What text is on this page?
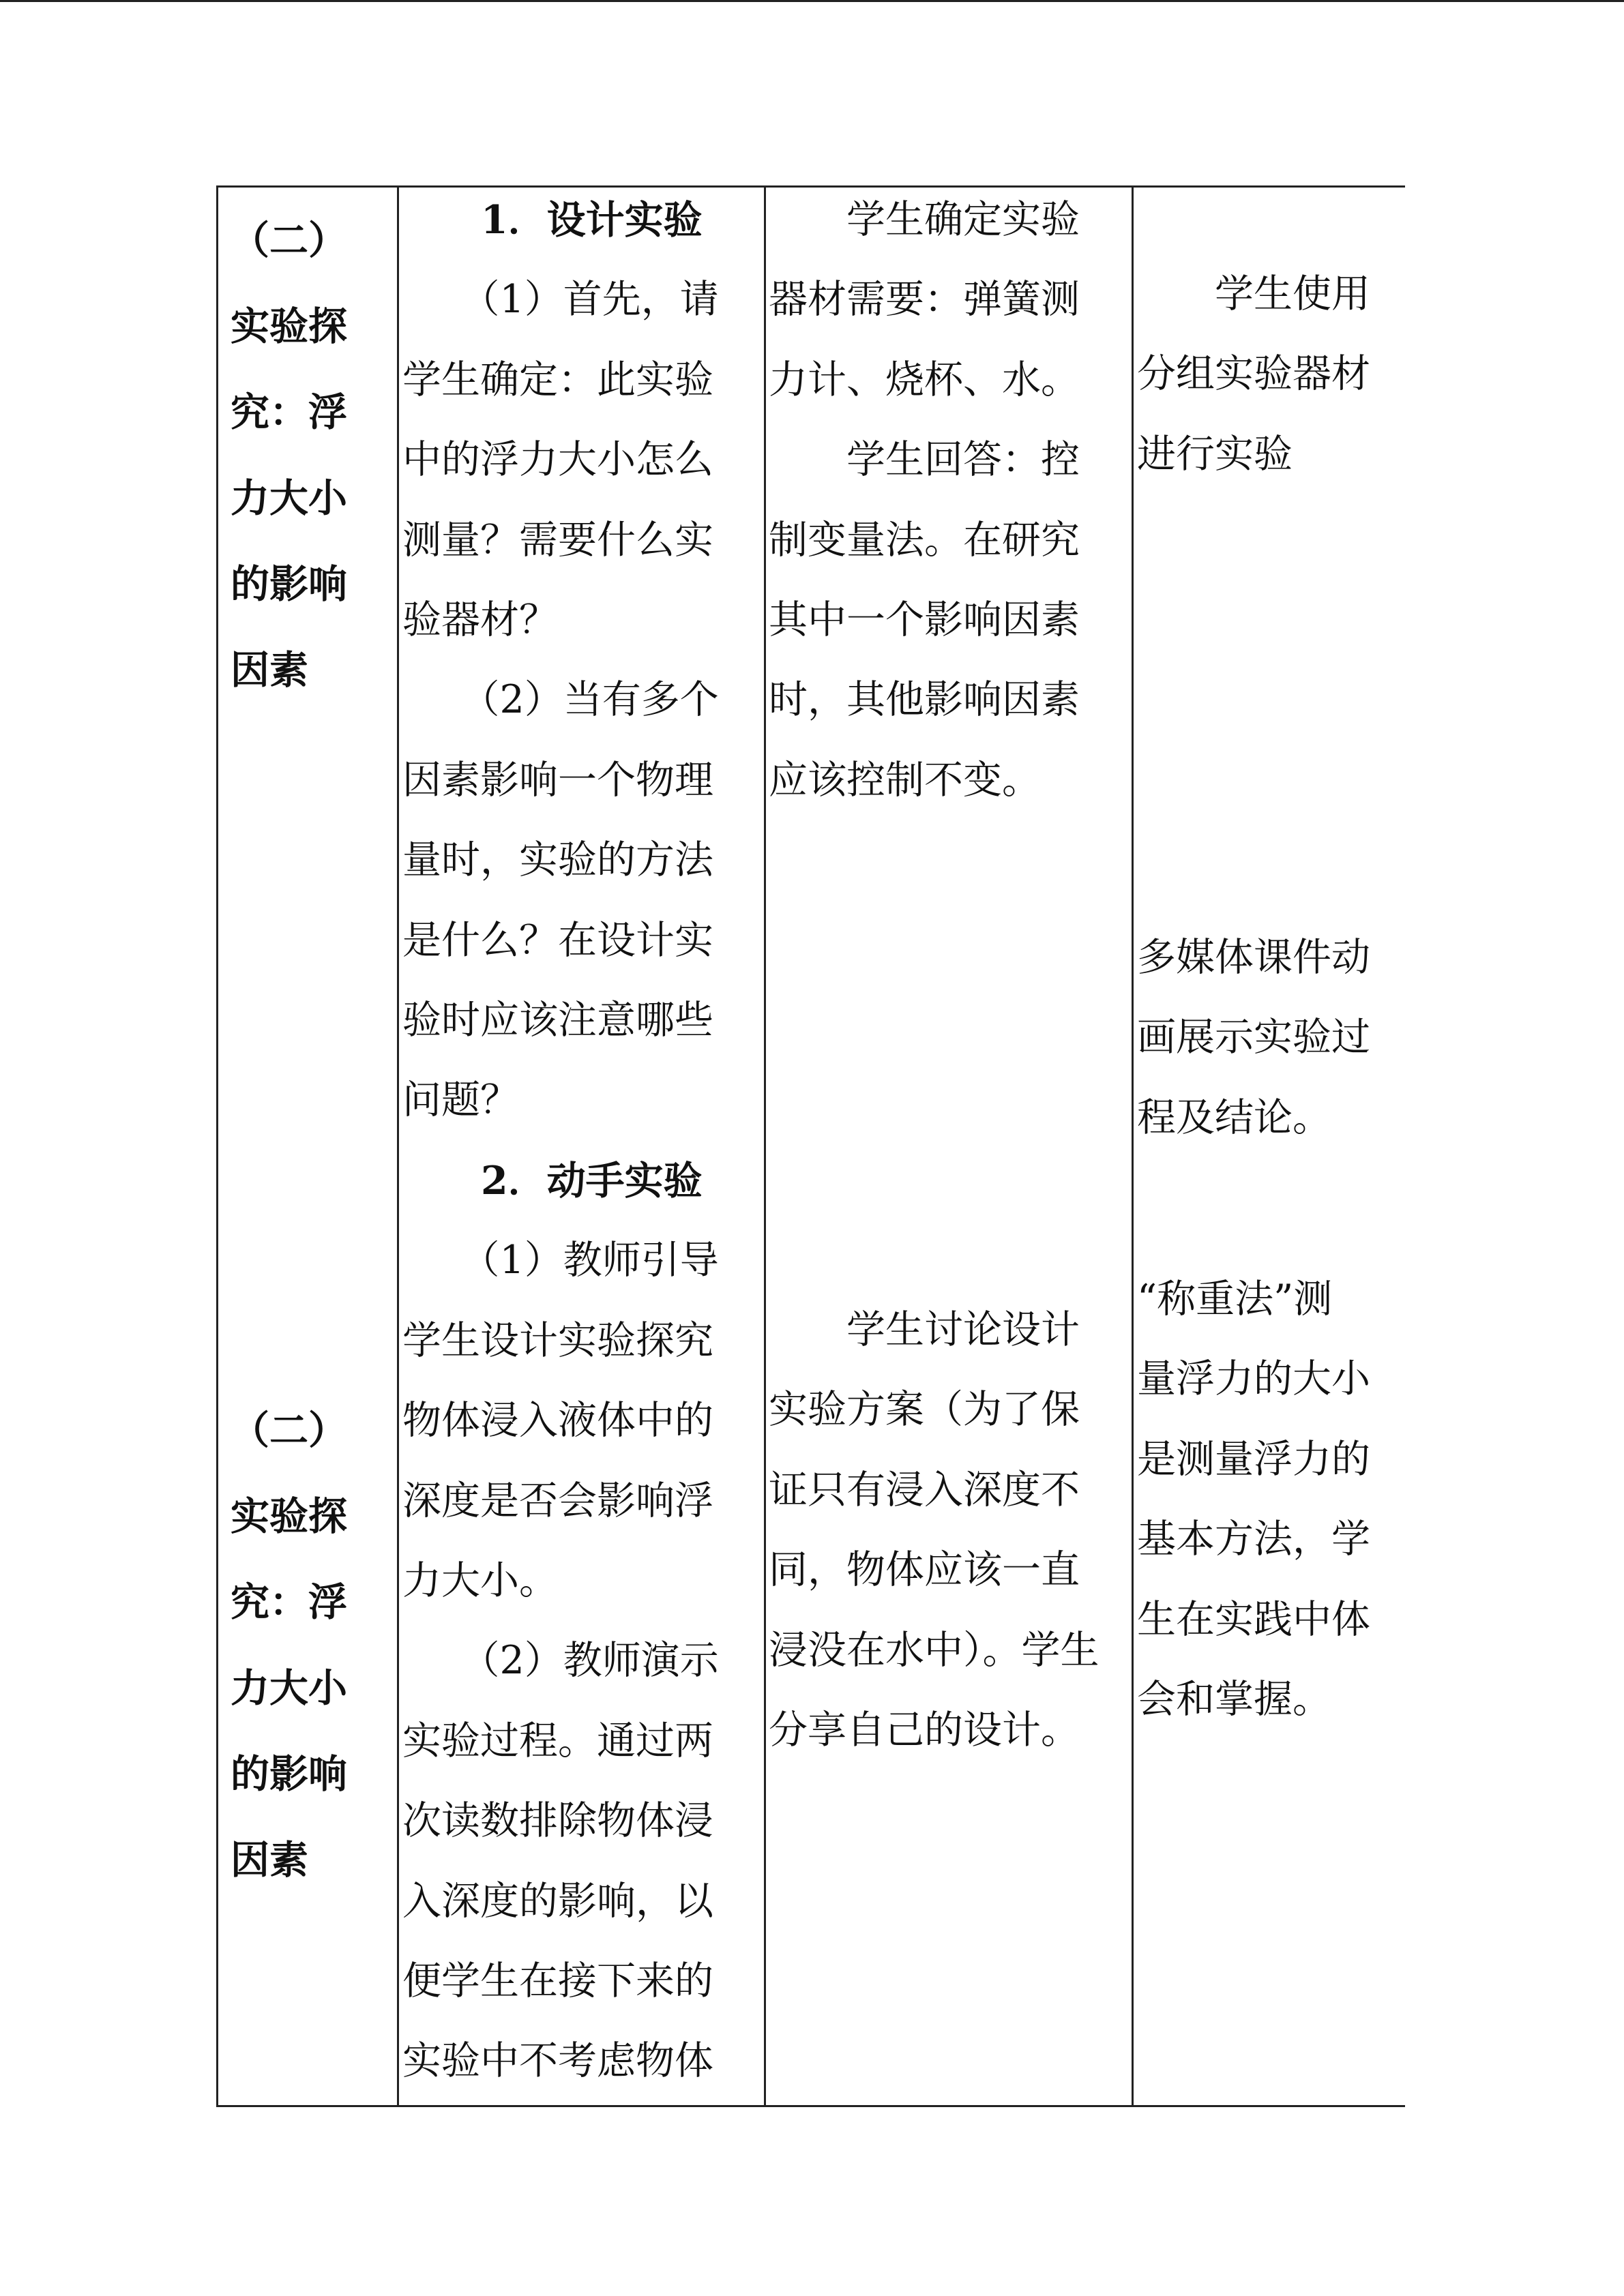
（二）

实验探

究：浮

力大小

的影响

因素

（二）

实验探

究：浮

力大小

的影响

因素

1．设计实验

　　（1）首先，请

学生确定：此实验

中的浮力大小怎么

测量？需要什么实

验器材？

　　（2）当有多个

因素影响一个物理

量时，实验的方法

是什么？在设计实

验时应该注意哪些

问题？

2．动手实验

　　（1）教师引导

学生设计实验探究

物体浸入液体中的

深度是否会影响浮

力大小。

　　（2）教师演示

实验过程。通过两

次读数排除物体浸

入深度的影响，以

便学生在接下来的

实验中不考虑物体

　　学生确定实验

器材需要：弹簧测

力计、烧杯、水。

　　学生回答：控

制变量法。在研究

其中一个影响因素

时，其他影响因素

应该控制不变。

　　学生讨论设计

实验方案（为了保

证只有浸入深度不

同，物体应该一直

浸没在水中）。学生

分享自己的设计。

　　学生使用

分组实验器材

进行实验

多媒体课件动

画展示实验过

程及结论。

“称重法”测

量浮力的大小

是测量浮力的

基本方法，学

生在实践中体

会和掌握。
